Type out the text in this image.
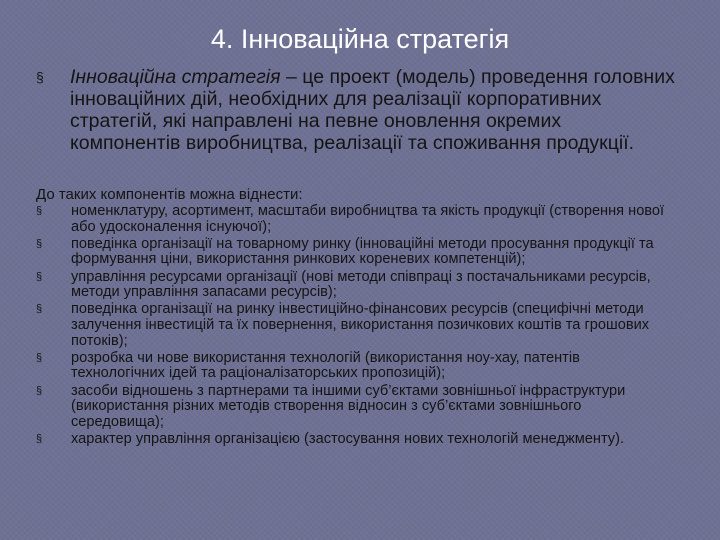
4. Інноваційна стратегія
§	Інноваційна стратегія – це проект (модель) проведення головних інноваційних дій, необхідних для реалізації корпоративних стратегій, які направлені на певне оновлення окремих компонентів виробництва, реалізації та споживання продукції.
До таких компонентів можна віднести:
§ номенклатуру, асортимент, масштаби виробництва та якість продукції (створення нової або удосконалення існуючої);
§ поведінка організації на товарному ринку (інноваційні методи просування продукції та формування ціни, використання ринкових кореневих компетенцій);
§ управління ресурсами організації (нові методи співпраці з постачальниками ресурсів, методи управління запасами ресурсів);
§ поведінка організації на ринку інвестиційно-фінансових ресурсів (специфічні методи залучення інвестицій та їх повернення, використання позичкових коштів та грошових потоків);
§ розробка чи нове використання технологій (використання ноу-хау, патентів технологічних ідей та раціоналізаторських пропозицій);
§ засоби відношень з партнерами та іншими суб’єктами зовнішньої інфраструктури (використання різних методів створення відносин з суб’єктами зовнішнього середовища);
§ характер управління організацією (застосування нових технологій менеджменту).
